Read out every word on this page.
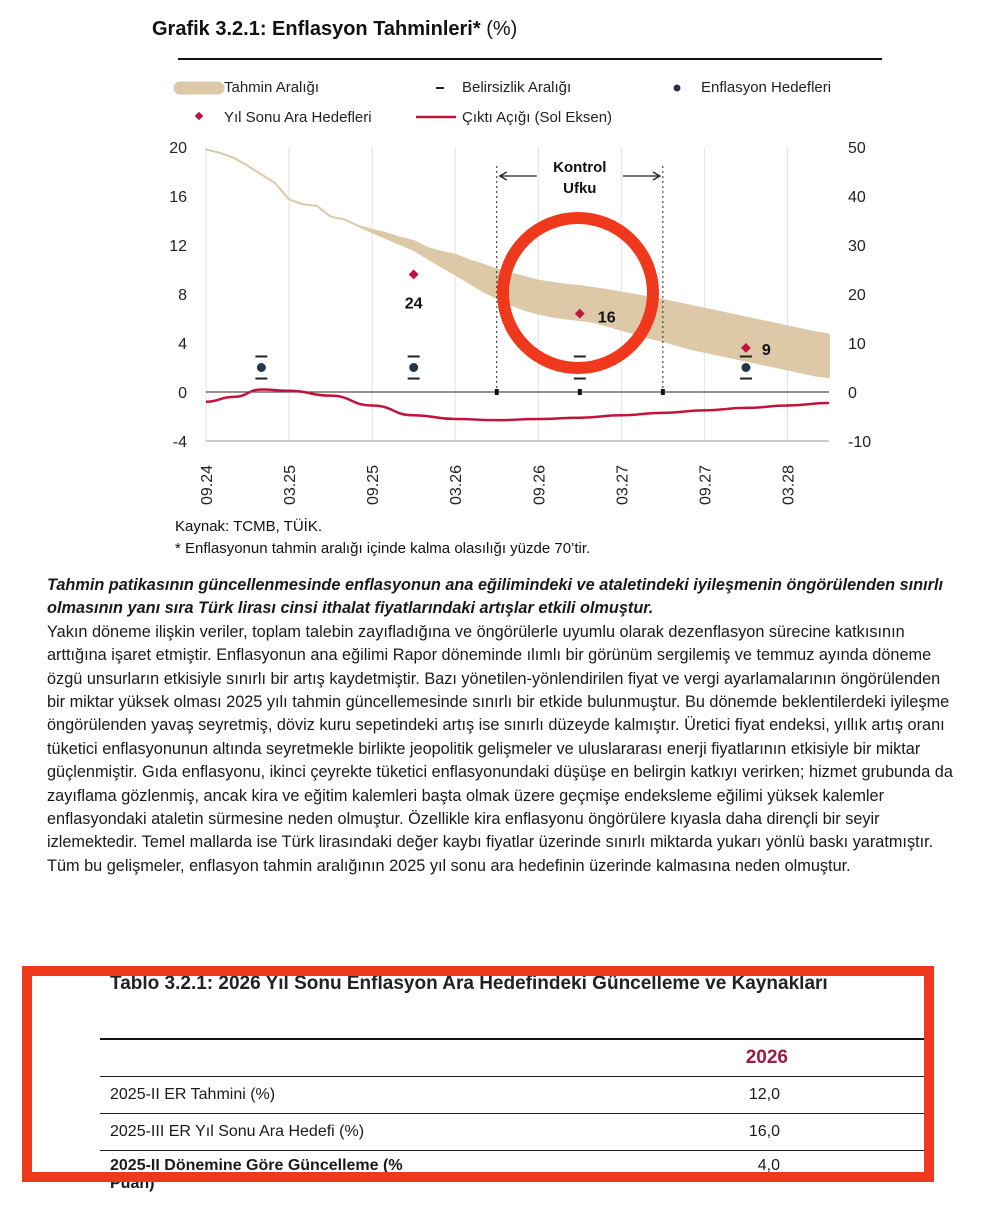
Grafik 3.2.1: Enflasyon Tahminleri* (%)
Tahmin Aralığı	Belirsizlik Aralığı	Enflasyon Hedefleri
Yıl Sonu Ara Hedefleri	Çıktı Açığı (Sol Eksen)
24
16
9
Kontrol
Ufku
20
16
12
8
4
0
-4
50
40
30
20
10
0
-10
09.24	03.25	09.25	03.26	09.26	03.27	09.27	03.28
Kaynak: TCMB, TÜİK.
* Enflasyonun tahmin aralığı içinde kalma olasılığı yüzde 70’tir.
Tahmin patikasının güncellenmesinde enflasyonun ana eğilimindeki ve ataletindeki iyileşmenin öngörülenden sınırlı olmasının yanı sıra Türk lirası cinsi ithalat fiyatlarındaki artışlar etkili olmuştur.
Yakın döneme ilişkin veriler, toplam talebin zayıfladığına ve öngörülerle uyumlu olarak dezenflasyon sürecine katkısının arttığına işaret etmiştir. Enflasyonun ana eğilimi Rapor döneminde ılımlı bir görünüm sergilemiş ve temmuz ayında döneme özgü unsurların etkisiyle sınırlı bir artış kaydetmiştir. Bazı yönetilen-yönlendirilen fiyat ve vergi ayarlamalarının öngörülenden bir miktar yüksek olması 2025 yılı tahmin güncellemesinde sınırlı bir etkide bulunmuştur. Bu dönemde beklentilerdeki iyileşme öngörülenden yavaş seyretmiş, döviz kuru sepetindeki artış ise sınırlı düzeyde kalmıştır. Üretici fiyat endeksi, yıllık artış oranı tüketici enflasyonunun altında seyretmekle birlikte jeopolitik gelişmeler ve uluslararası enerji fiyatlarının etkisiyle bir miktar güçlenmiştir. Gıda enflasyonu, ikinci çeyrekte tüketici enflasyonundaki düşüşe en belirgin katkıyı verirken; hizmet grubunda da zayıflama gözlenmiş, ancak kira ve eğitim kalemleri başta olmak üzere geçmişe endeksleme eğilimi yüksek kalemler enflasyondaki ataletin sürmesine neden olmuştur. Özellikle kira enflasyonu öngörülere kıyasla daha dirençli bir seyir izlemektedir. Temel mallarda ise Türk lirasındaki değer kaybı fiyatlar üzerinde sınırlı miktarda yukarı yönlü baskı yaratmıştır. Tüm bu gelişmeler, enflasyon tahmin aralığının 2025 yıl sonu ara hedefinin üzerinde kalmasına neden olmuştur.
Tablo 3.2.1: 2026 Yıl Sonu Enflasyon Ara Hedefindeki Güncelleme ve Kaynakları
	2026
2025-II ER Tahmini (%)	12,0
2025-III ER Yıl Sonu Ara Hedefi (%)	16,0
2025-II Dönemine Göre Güncelleme (% Puan)	4,0
